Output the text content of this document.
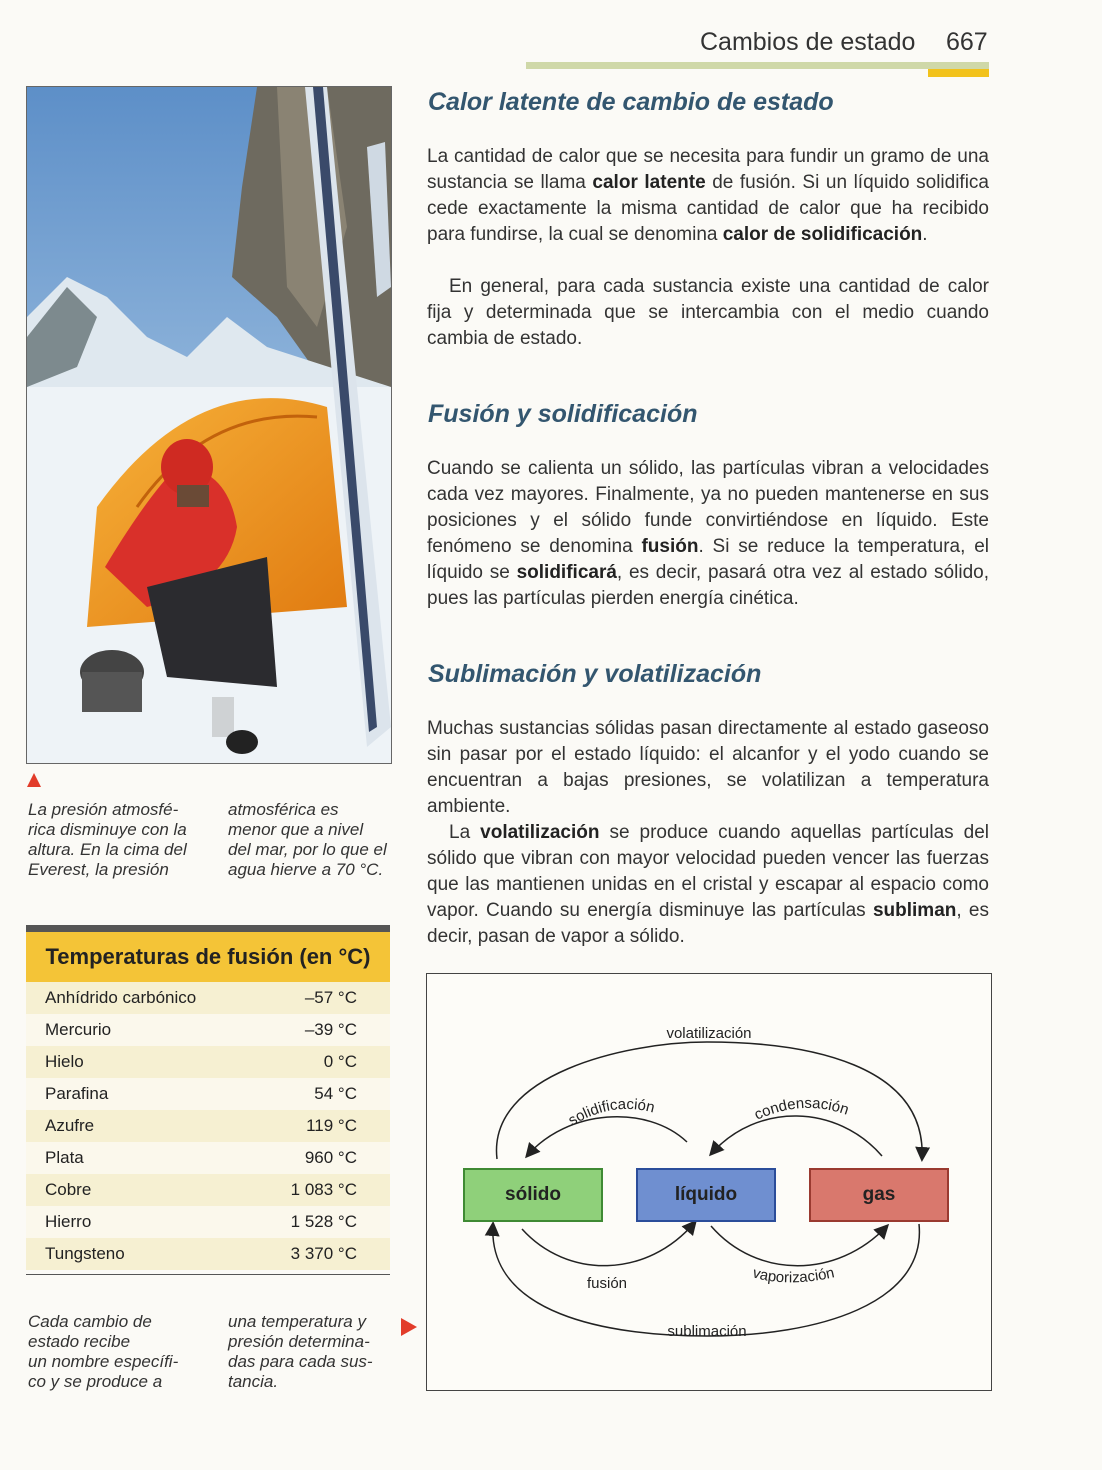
Cambios de estado 667
La presión atmosfé-
rica disminuye con la
altura. En la cima del
Everest, la presión
atmosférica es
menor que a nivel
del mar, por lo que el
agua hierve a 70 °C.
Temperaturas de fusión (en °C)
Anhídrido carbónico	–57 °C
Mercurio	–39 °C
Hielo	0 °C
Parafina	54 °C
Azufre	119 °C
Plata	960 °C
Cobre	1 083 °C
Hierro	1 528 °C
Tungsteno	3 370 °C
Cada cambio de
estado recibe
un nombre específi-
co y se produce a
una temperatura y
presión determina-
das para cada sus-
tancia.
Calor latente de cambio de estado

La cantidad de calor que se necesita para fundir un gramo de una sustancia se llama calor latente de fusión. Si un líquido solidifica cede exactamente la misma cantidad de calor que ha recibido para fundirse, la cual se denomina calor de solidificación.

En general, para cada sustancia existe una cantidad de calor fija y determinada que se intercambia con el medio cuando cambia de estado.

Fusión y solidificación

Cuando se calienta un sólido, las partículas vibran a velocidades cada vez mayores. Finalmente, ya no pueden mantenerse en sus posiciones y el sólido funde convirtiéndose en líquido. Este fenómeno se denomina fusión. Si se reduce la temperatura, el líquido se solidificará, es decir, pasará otra vez al estado sólido, pues las partículas pierden energía cinética.

Sublimación y volatilización

Muchas sustancias sólidas pasan directamente al estado gaseoso sin pasar por el estado líquido: el alcanfor y el yodo cuando se encuentran a bajas presiones, se volatilizan a temperatura ambiente.

La volatilización se produce cuando aquellas partículas del sólido que vibran con mayor velocidad pueden vencer las fuerzas que las mantienen unidas en el cristal y escapar al espacio como vapor. Cuando su energía disminuye las partículas subliman, es decir, pasan de vapor a sólido.

volatilización
solidificación	condensación
fusión
vaporización
sublimación
sólido	líquido	gas
